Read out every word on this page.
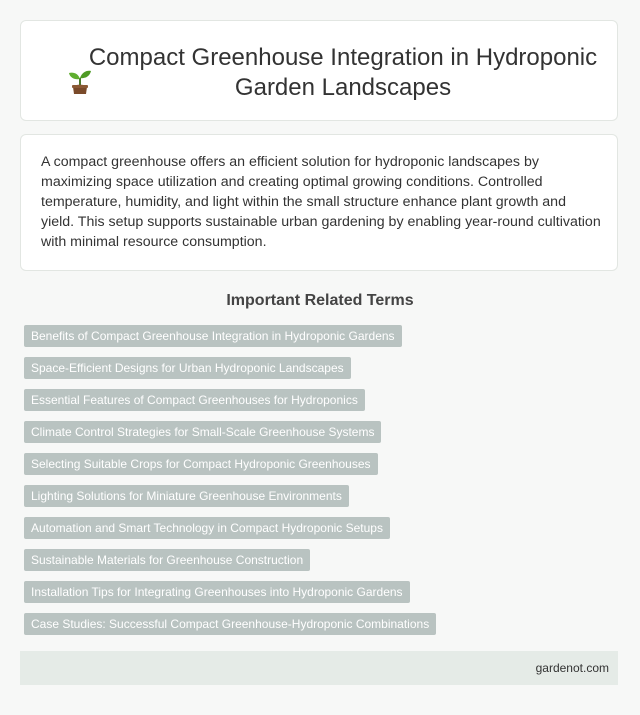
Compact Greenhouse Integration in Hydroponic Garden Landscapes

A compact greenhouse offers an efficient solution for hydroponic landscapes by maximizing space utilization and creating optimal growing conditions. Controlled temperature, humidity, and light within the small structure enhance plant growth and yield. This setup supports sustainable urban gardening by enabling year-round cultivation with minimal resource consumption.

Important Related Terms
Benefits of Compact Greenhouse Integration in Hydroponic Gardens
Space-Efficient Designs for Urban Hydroponic Landscapes
Essential Features of Compact Greenhouses for Hydroponics
Climate Control Strategies for Small-Scale Greenhouse Systems
Selecting Suitable Crops for Compact Hydroponic Greenhouses
Lighting Solutions for Miniature Greenhouse Environments
Automation and Smart Technology in Compact Hydroponic Setups
Sustainable Materials for Greenhouse Construction
Installation Tips for Integrating Greenhouses into Hydroponic Gardens
Case Studies: Successful Compact Greenhouse-Hydroponic Combinations
gardenot.com
